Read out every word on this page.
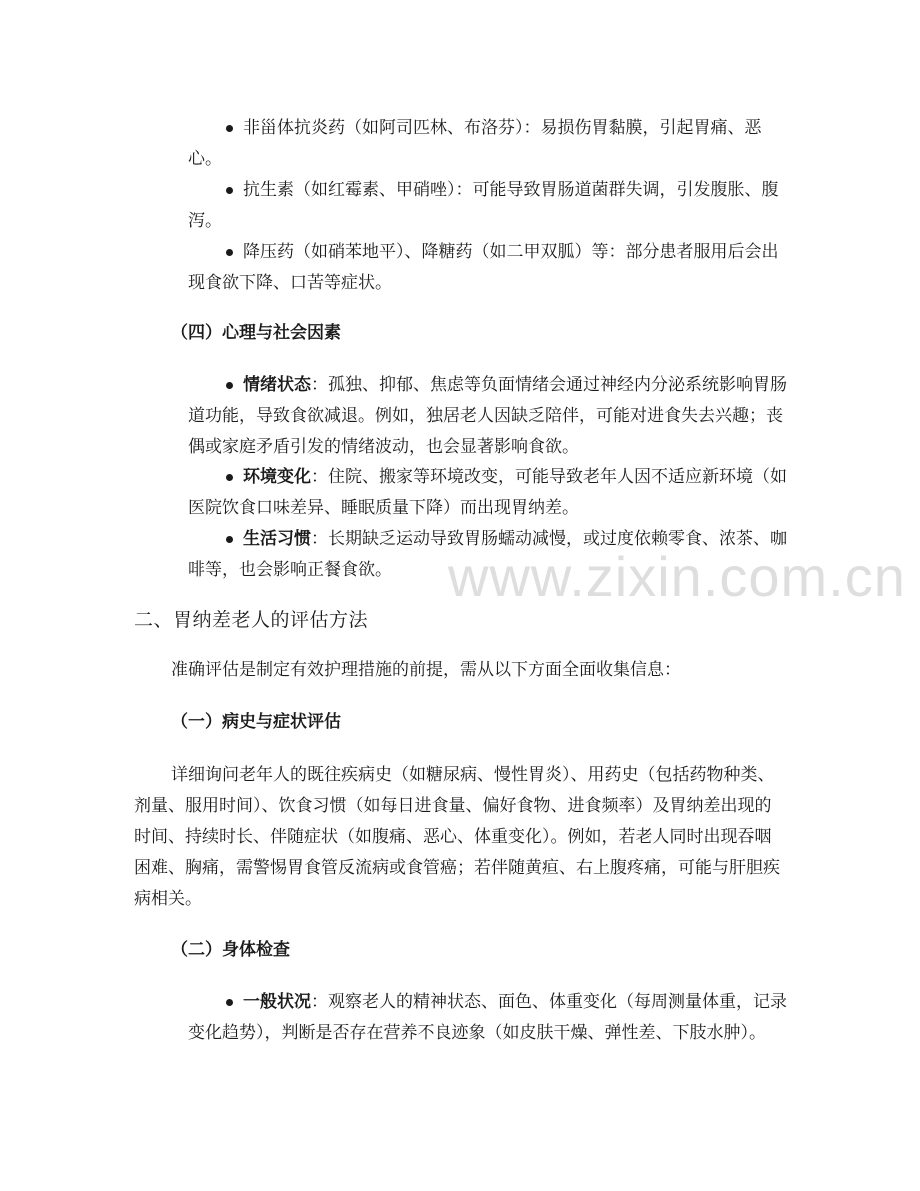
非甾体抗炎药（如阿司匹林、布洛芬）：易损伤胃黏膜，引起胃痛、恶心。

抗生素（如红霉素、甲硝唑）：可能导致胃肠道菌群失调，引发腹胀、腹泻。

降压药（如硝苯地平）、降糖药（如二甲双胍）等：部分患者服用后会出现食欲下降、口苦等症状。

（四）心理与社会因素

情绪状态：孤独、抑郁、焦虑等负面情绪会通过神经内分泌系统影响胃肠道功能，导致食欲减退。例如，独居老人因缺乏陪伴，可能对进食失去兴趣；丧偶或家庭矛盾引发的情绪波动，也会显著影响食欲。

环境变化：住院、搬家等环境改变，可能导致老年人因不适应新环境（如医院饮食口味差异、睡眠质量下降）而出现胃纳差。

生活习惯：长期缺乏运动导致胃肠蠕动减慢，或过度依赖零食、浓茶、咖啡等，也会影响正餐食欲。	www.zixin.com.cn

二、胃纳差老人的评估方法

准确评估是制定有效护理措施的前提，需从以下方面全面收集信息：

（一）病史与症状评估

详细询问老年人的既往疾病史（如糖尿病、慢性胃炎）、用药史（包括药物种类、剂量、服用时间）、饮食习惯（如每日进食量、偏好食物、进食频率）及胃纳差出现的时间、持续时长、伴随症状（如腹痛、恶心、体重变化）。例如，若老人同时出现吞咽困难、胸痛，需警惕胃食管反流病或食管癌；若伴随黄疸、右上腹疼痛，可能与肝胆疾病相关。

（二）身体检查

一般状况：观察老人的精神状态、面色、体重变化（每周测量体重，记录变化趋势），判断是否存在营养不良迹象（如皮肤干燥、弹性差、下肢水肿）。
